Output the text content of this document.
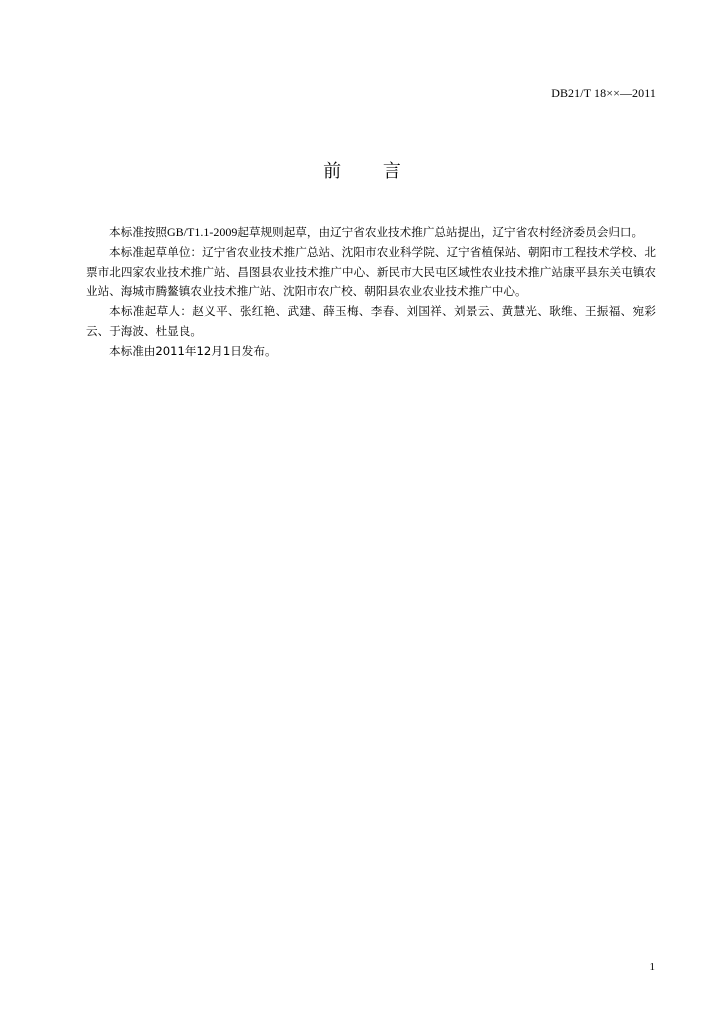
DB21/T 18××—2011
前 言

本标准按照GB/T1.1-2009起草规则起草，由辽宁省农业技术推广总站提出，辽宁省农村经济委员会归口。

本标准起草单位：辽宁省农业技术推广总站、沈阳市农业科学院、辽宁省植保站、朝阳市工程技术学校、北票市北四家农业技术推广站、昌图县农业技术推广中心、新民市大民屯区域性农业技术推广站康平县东关屯镇农业站、海城市腾鳌镇农业技术推广站、沈阳市农广校、朝阳县农业农业技术推广中心。

本标准起草人：赵义平、张红艳、武建、薛玉梅、李春、刘国祥、刘景云、黄慧光、耿维、王振福、宛彩云、于海波、杜显良。

本标准由2011年12月1日发布。

1
